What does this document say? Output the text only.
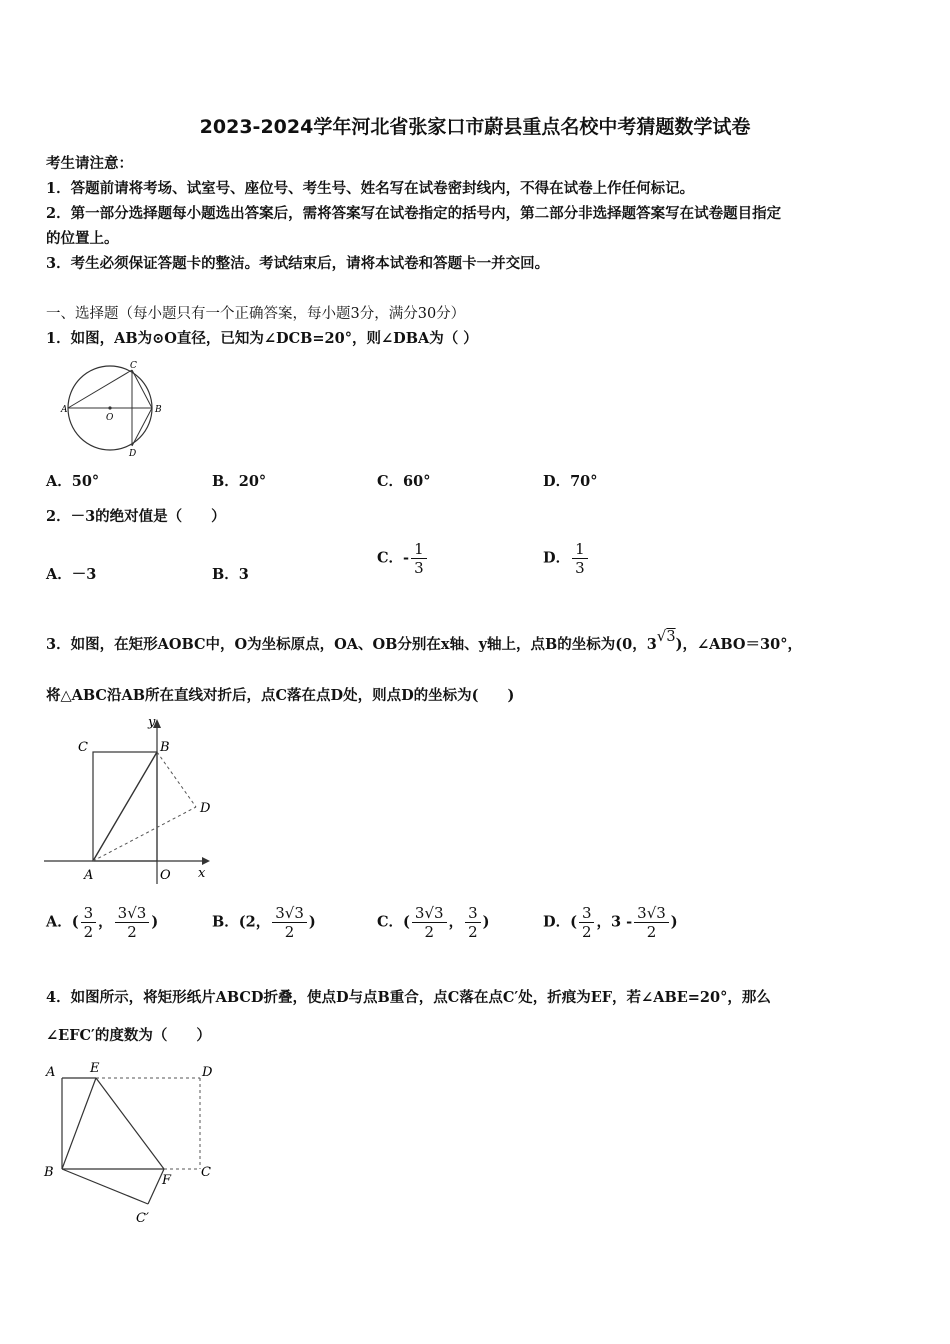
2023-2024学年河北省张家口市蔚县重点名校中考猜题数学试卷
考生请注意：
1．答题前请将考场、试室号、座位号、考生号、姓名写在试卷密封线内，不得在试卷上作任何标记。
2．第一部分选择题每小题选出答案后，需将答案写在试卷指定的括号内，第二部分非选择题答案写在试卷题目指定
的位置上。
3．考生必须保证答题卡的整洁。考试结束后，请将本试卷和答题卡一并交回。
一、选择题（每小题只有一个正确答案，每小题3分，满分30分）
1．如图，AB为⊙O直径，已知为∠DCB=20°，则∠DBA为（ ）
A	B
C
D
O
A．50°	B．20°	C．60°	D．70°
2．－3的绝对值是（　　）
A．－3	B．3
C．- $\frac{1}{3}$	D． $\frac{1}{3}$
3．如图，在矩形AOBC中，O为坐标原点，OA、OB分别在x轴、y轴上，点B的坐标为(0，3√3)，∠ABO＝30°，
将△ABC沿AB所在直线对折后，点C落在点D处，则点D的坐标为(　　)
C	B
y
D
A	O x
A．( $\frac{3}{2}$ ， $\frac{3√3}{2}$ )	B．(2， $\frac{3√3}{2}$ )	C．( $\frac{3√3}{2}$ ， $\frac{3}{2}$ )	D．( $\frac{3}{2}$ ，$3 - \frac{3√3}{2}$ )
4．如图所示，将矩形纸片ABCD折叠，使点D与点B重合，点C落在点C′处，折痕为EF，若∠ABE=20°，那么
∠EFC′的度数为（　　）
A	E	D
B
F
C
C′
